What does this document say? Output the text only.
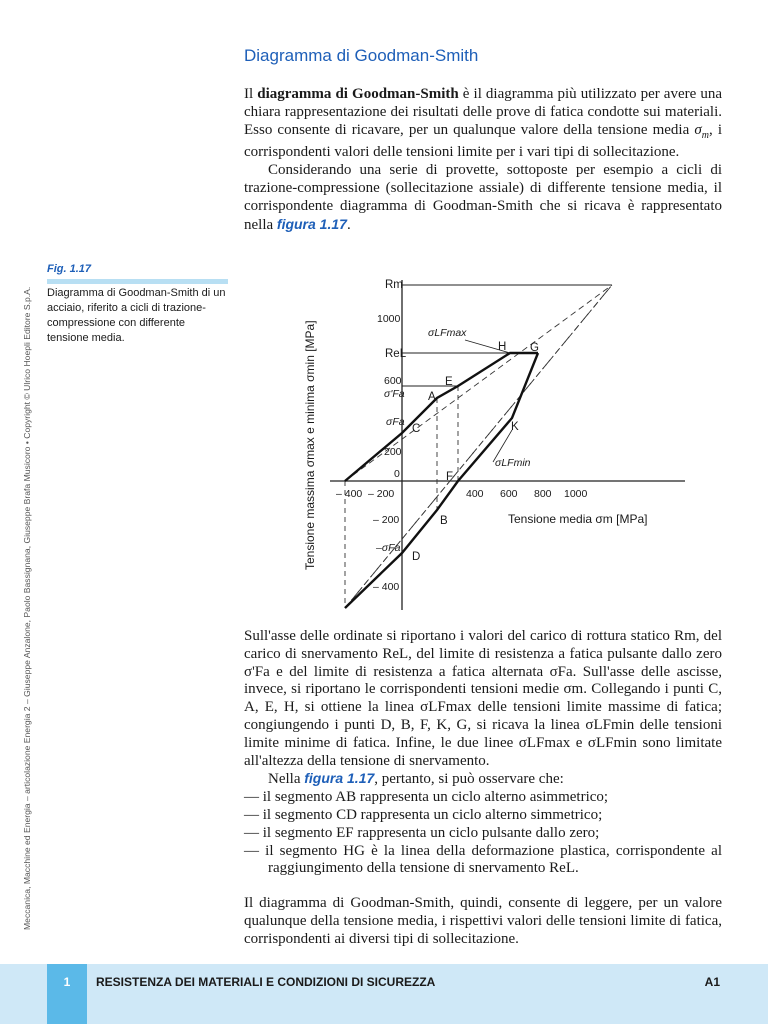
Meccanica, Macchine ed Energia – articolazione Energia 2 – Giuseppe Anzalone, Paolo Bassignana, Giuseppe Brafa Musicoro • Copyright © Ulrico Hoepli Editore S.p.A.
Diagramma di Goodman-Smith

Il diagramma di Goodman-Smith è il diagramma più utilizzato per avere una chiara rappresentazione dei risultati delle prove di fatica condotte sui materiali. Esso consente di ricavare, per un qualunque valore della tensione media $\sigma_m$, i corrispondenti valori delle tensioni limite per i vari tipi di sollecitazione.

Considerando una serie di provette, sottoposte per esempio a cicli di trazione-compressione (sollecitazione assiale) di differente tensione media, il corrispondente diagramma di Goodman-Smith che si ricava è rappresentato nella figura 1.17.

Fig. 1.17
Diagramma di Goodman-Smith di un acciaio, riferito a cicli di trazione-compressione con differente tensione media.
– 400 – 200	400 600 800 1000
1000
600
200
0
– 200
– 400
Rm
ReL
σ'Fa
σFa
–σFa
σLFmax
σLFmin
A
B
C
D
E
F
G
H
K
Tensione media σm [MPa]
Tensione massima σmax e minima σmin [MPa]

Sull'asse delle ordinate si riportano i valori del carico di rottura statico Rm, del carico di snervamento ReL, del limite di resistenza a fatica pulsante dallo zero σ'Fa e del limite di resistenza a fatica alternata σFa. Sull'asse delle ascisse, invece, si riportano le corrispondenti tensioni medie σm. Collegando i punti C, A, E, H, si ottiene la linea σLFmax delle tensioni limite massime di fatica; congiungendo i punti D, B, F, K, G, si ricava la linea σLFmin delle tensioni limite minime di fatica. Infine, le due linee σLFmax e σLFmin sono limitate all'altezza della tensione di snervamento.

Nella figura 1.17, pertanto, si può osservare che:

— il segmento AB rappresenta un ciclo alterno asimmetrico;
— il segmento CD rappresenta un ciclo alterno simmetrico;
— il segmento EF rappresenta un ciclo pulsante dallo zero;
— il segmento HG è la linea della deformazione plastica, corrispondente al raggiungimento della tensione di snervamento ReL.

Il diagramma di Goodman-Smith, quindi, consente di leggere, per un valore qualunque della tensione media, i rispettivi valori delle tensioni limite di fatica, corrispondenti ai diversi tipi di sollecitazione.

1	RESISTENZA DEI MATERIALI E CONDIZIONI DI SICUREZZA	A1
